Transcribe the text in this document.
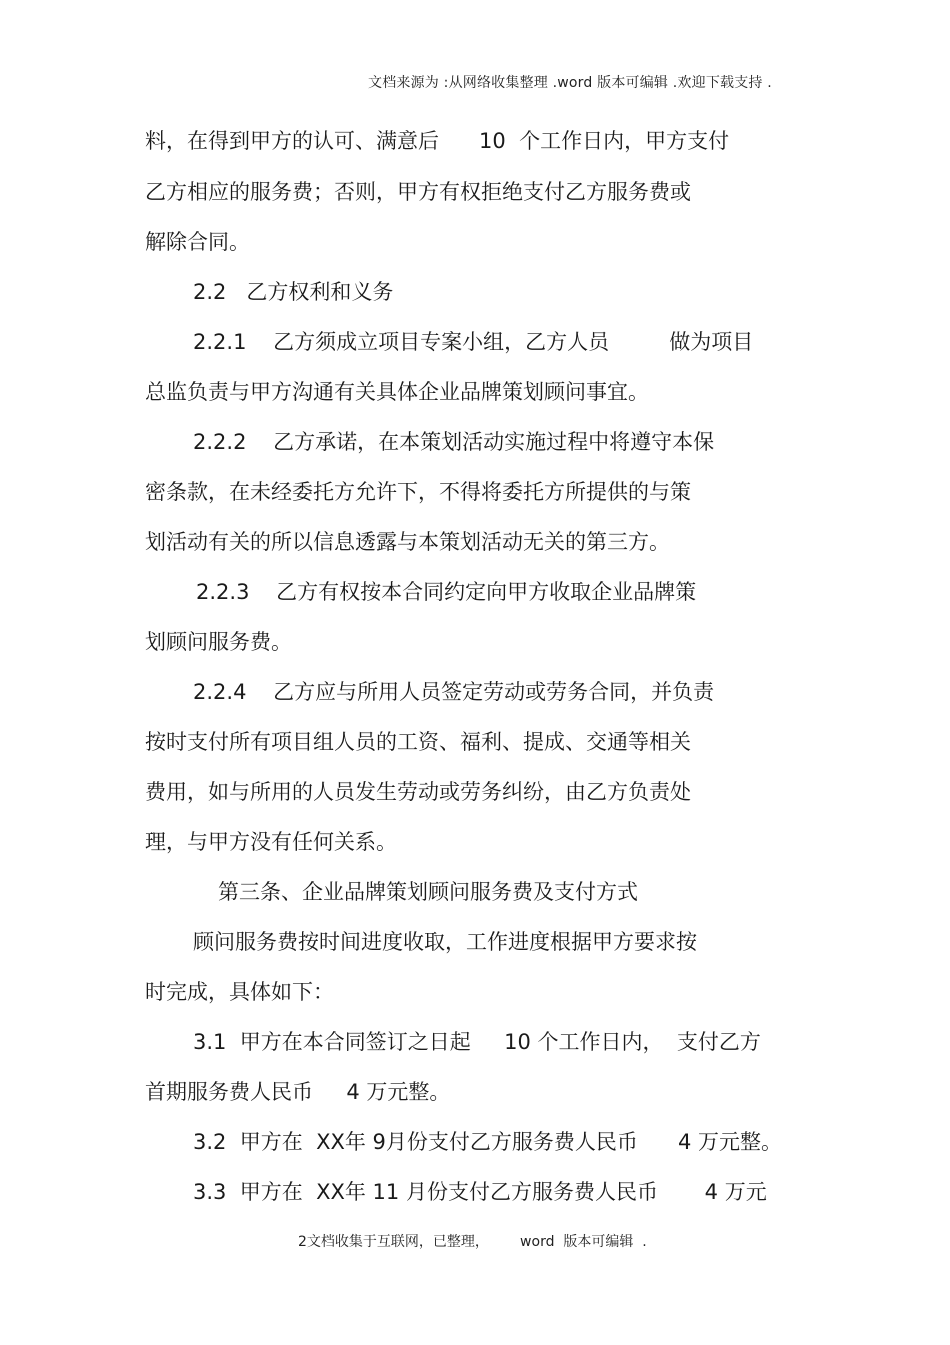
文档来源为 :从网络收集整理 .word 版本可编辑 .欢迎下载支持 .
料，在得到甲方的认可、满意后      10  个工作日内，甲方支付
乙方相应的服务费；否则，甲方有权拒绝支付乙方服务费或
解除合同。
2.2   乙方权利和义务
2.2.1    乙方须成立项目专案小组，乙方人员         做为项目
总监负责与甲方沟通有关具体企业品牌策划顾问事宜。
2.2.2    乙方承诺，在本策划活动实施过程中将遵守本保
密条款，在未经委托方允许下，不得将委托方所提供的与策
划活动有关的所以信息透露与本策划活动无关的第三方。
2.2.3    乙方有权按本合同约定向甲方收取企业品牌策
划顾问服务费。
2.2.4    乙方应与所用人员签定劳动或劳务合同，并负责
按时支付所有项目组人员的工资、福利、提成、交通等相关
费用，如与所用的人员发生劳动或劳务纠纷，由乙方负责处
理，与甲方没有任何关系。
第三条、企业品牌策划顾问服务费及支付方式
顾问服务费按时间进度收取，工作进度根据甲方要求按
时完成，具体如下：
3.1  甲方在本合同签订之日起     10 个工作日内，  支付乙方
首期服务费人民币     4 万元整。
3.2  甲方在  XX年 9月份支付乙方服务费人民币      4 万元整。
3.3  甲方在  XX年 11 月份支付乙方服务费人民币       4 万元
2文档收集于互联网，已整理，       word  版本可编辑  .
